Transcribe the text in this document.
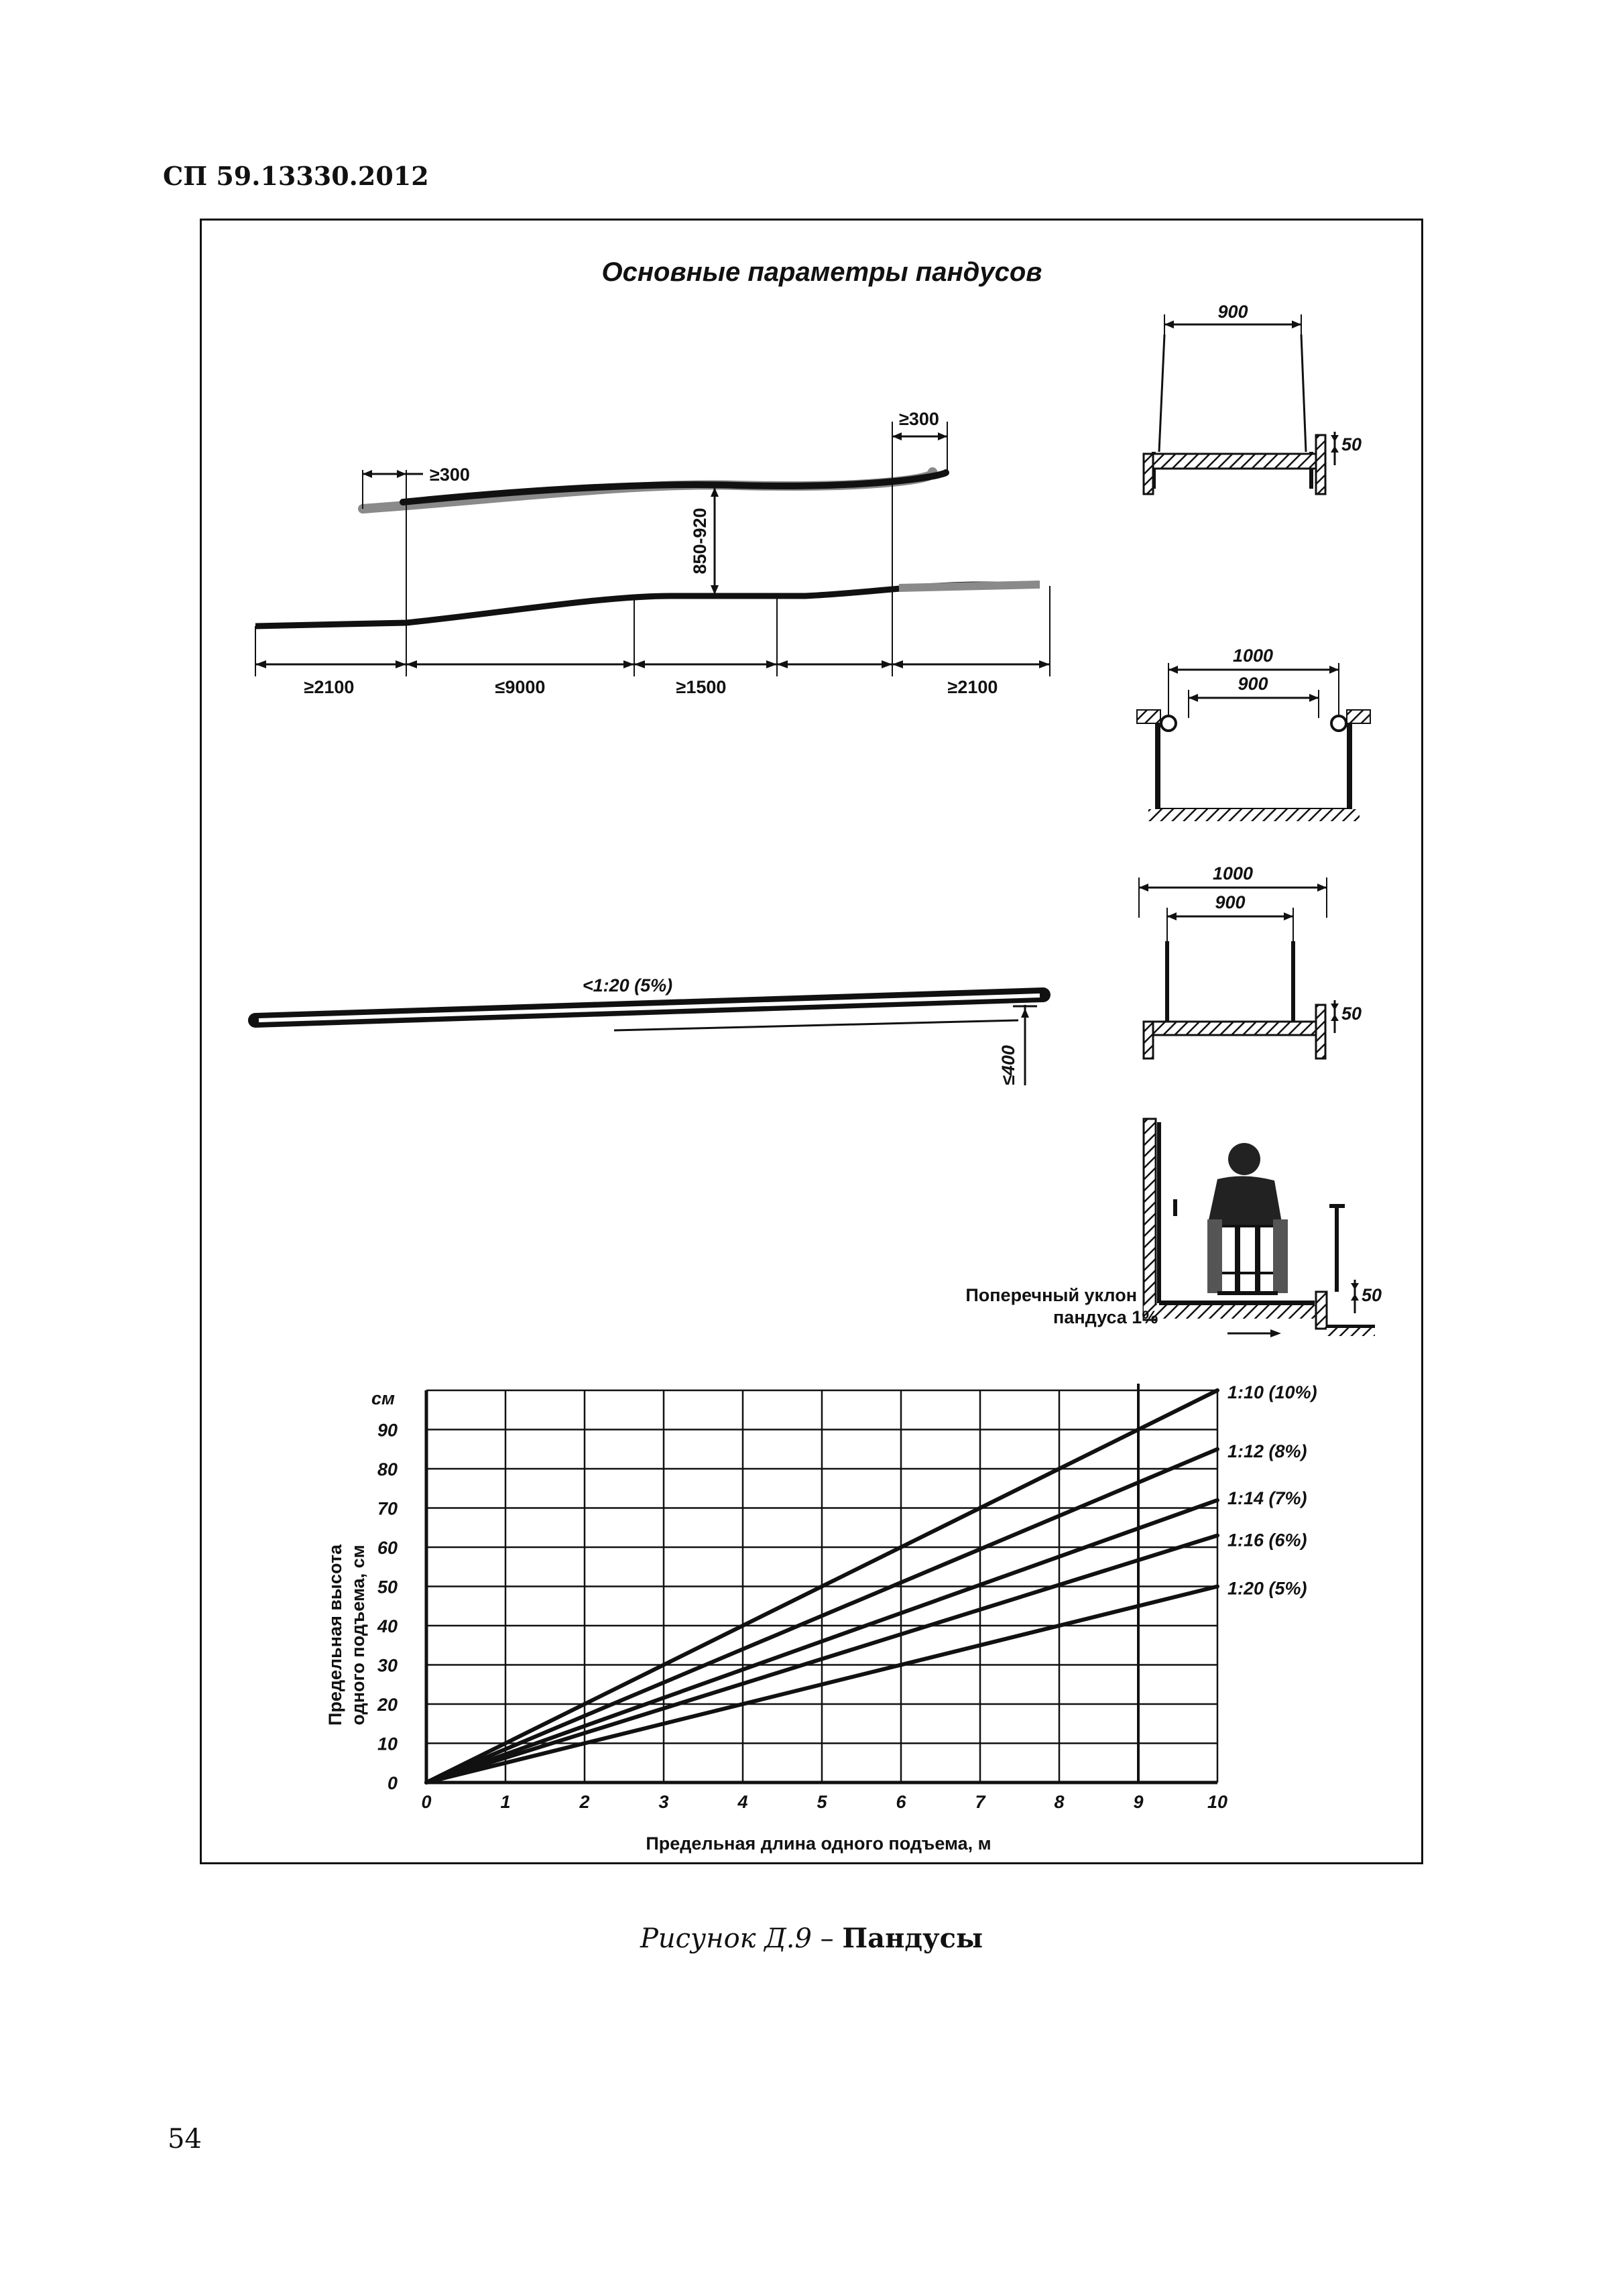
СП 59.13330.2012
Основные параметры пандусов
≥2100	≤9000	≥1500	≥2100
≥300
≥300
850-920
<1:20 (5%)
≤400
900
50
1000
900
1000
900
50
50
Поперечный уклон
пандуса 1%
0	1	2	3	4	5	6	7	8	9	10
0
10
20
30
40
50
60
70
80
90
1:10 (10%)
1:12 (8%)
1:14 (7%)
1:16 (6%)
1:20 (5%)
см
Предельная высота одного подъема, см
Предельная длина одного подъема, м
Рисунок Д.9 – Пандусы
54
